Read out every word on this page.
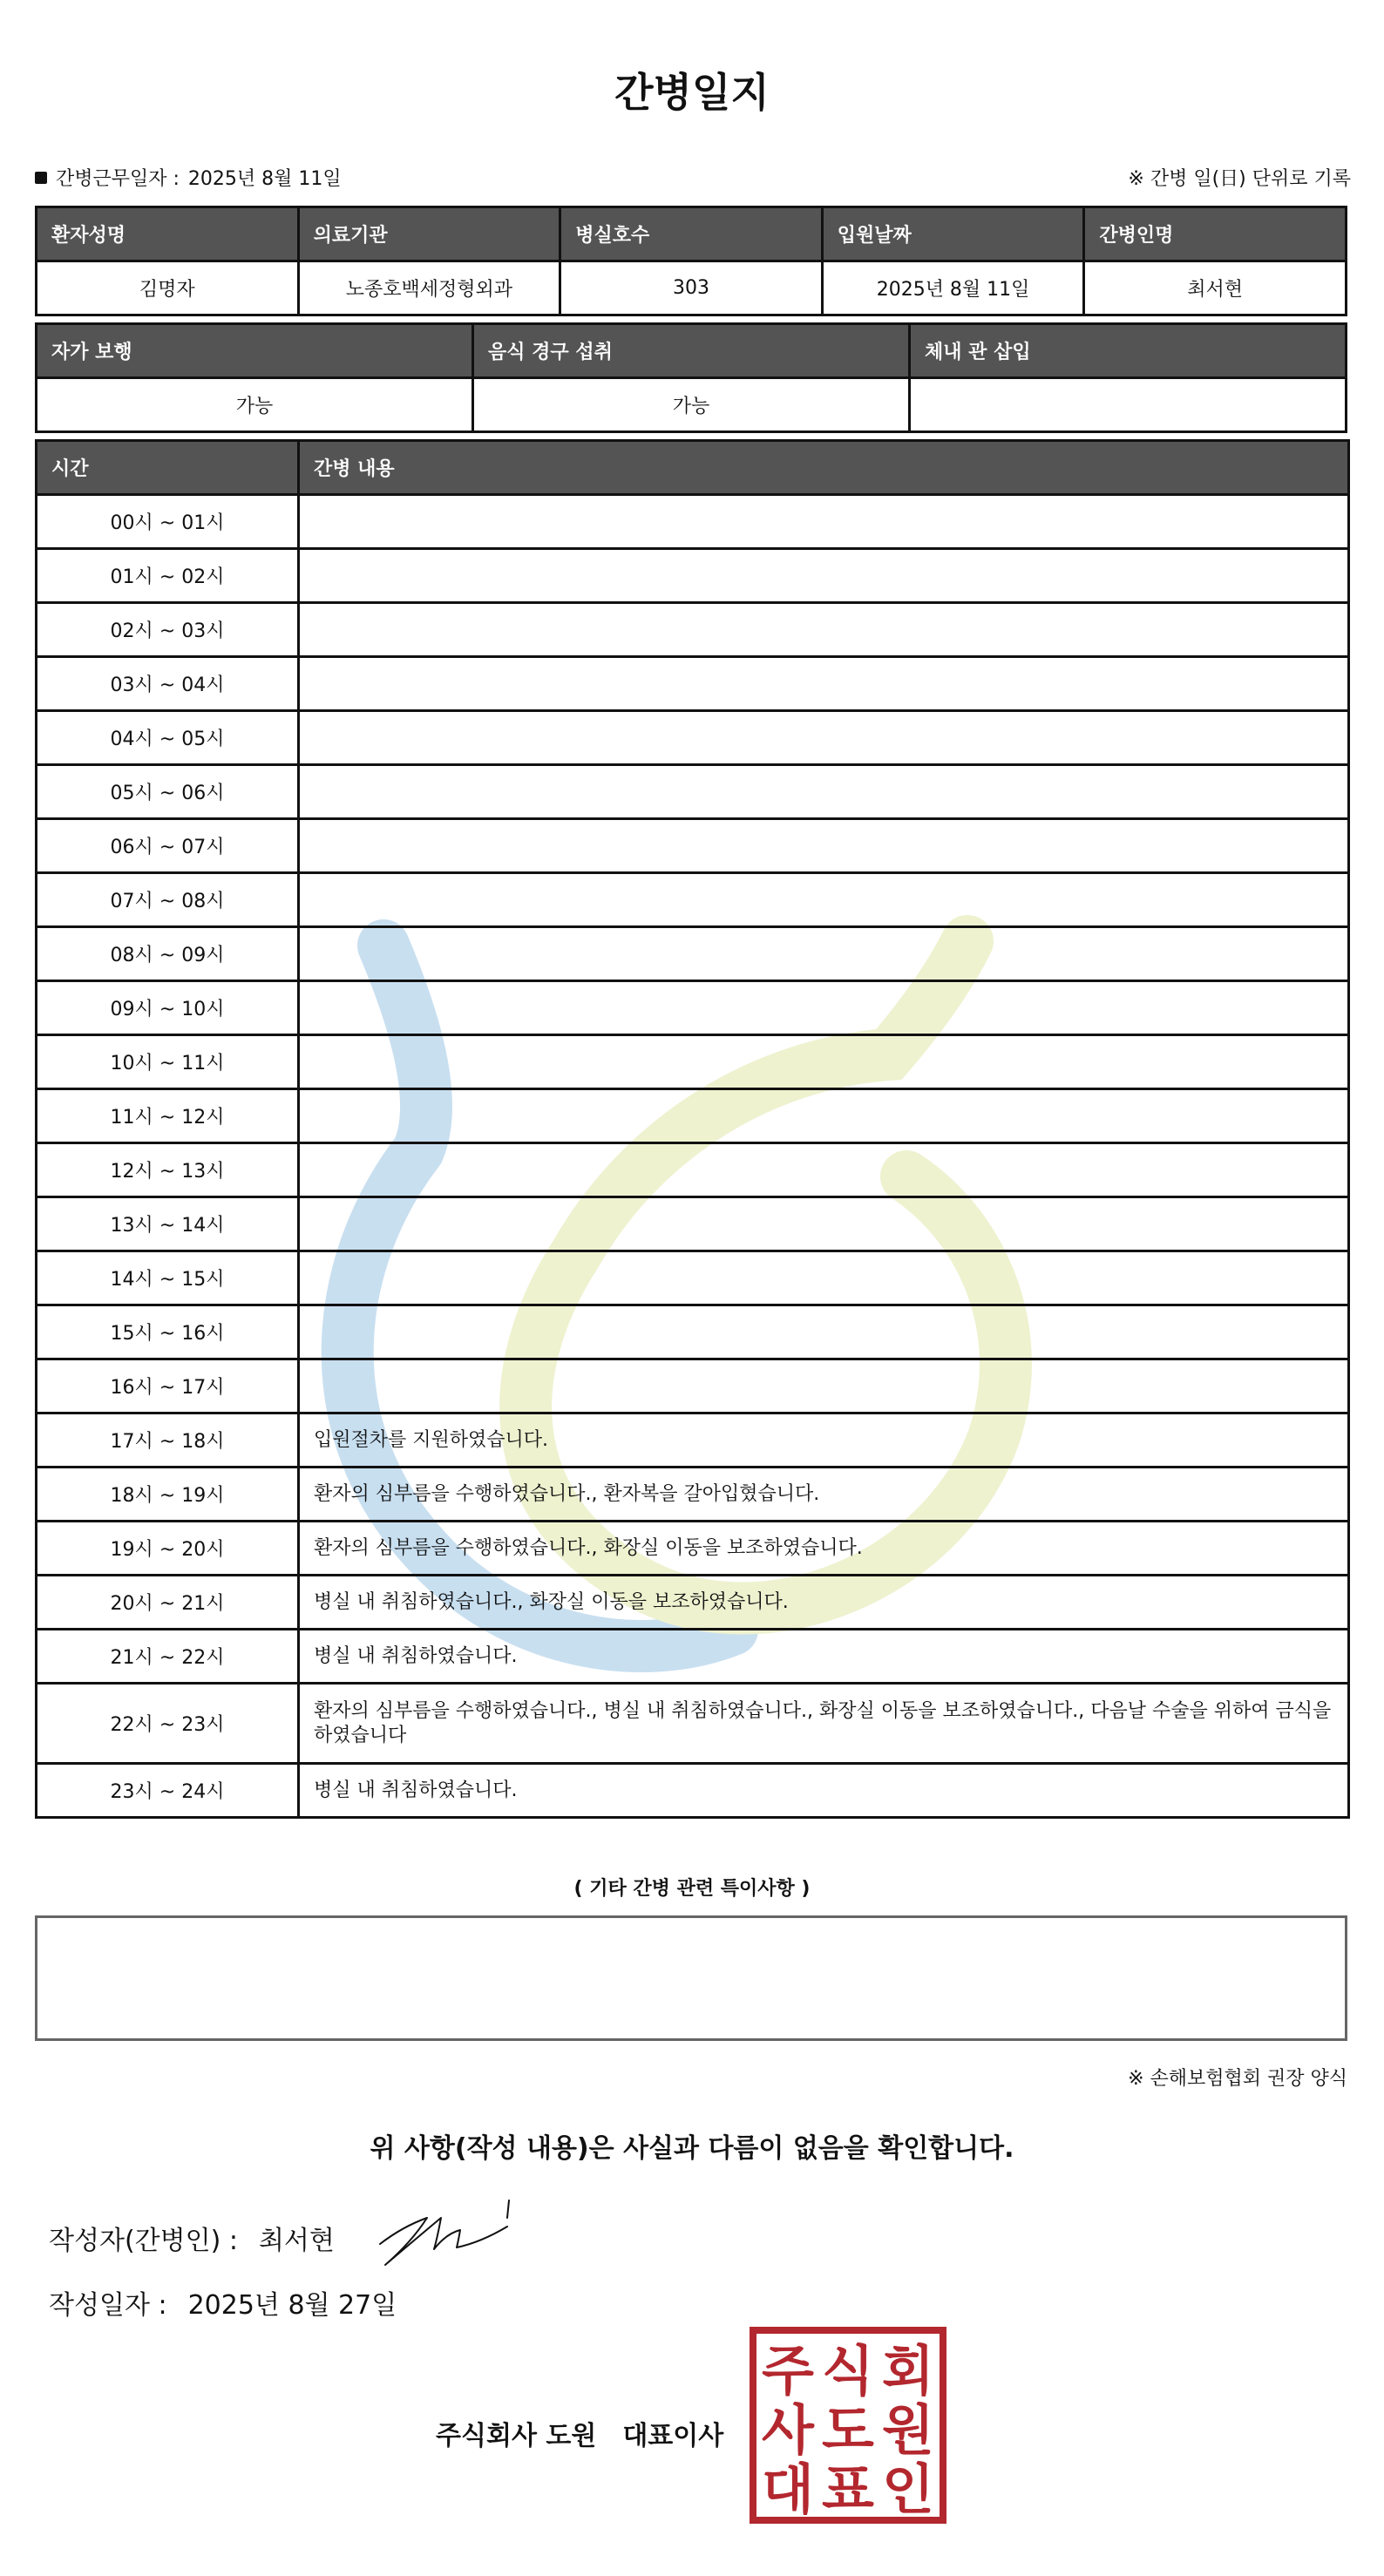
간병일지
간병근무일자 : 2025년 8월 11일	※ 간병 일(日) 단위로 기록
환자성명	의료기관	병실호수	입원날짜	간병인명
김명자	노종호백세정형외과	303	2025년 8월 11일	최서현
자가 보행	음식 경구 섭취	체내 관 삽입
가능	가능	
시간	간병 내용
00시 ~ 01시	
01시 ~ 02시	
02시 ~ 03시	
03시 ~ 04시	
04시 ~ 05시	
05시 ~ 06시	
06시 ~ 07시	
07시 ~ 08시	
08시 ~ 09시	
09시 ~ 10시	
10시 ~ 11시	
11시 ~ 12시	
12시 ~ 13시	
13시 ~ 14시	
14시 ~ 15시	
15시 ~ 16시	
16시 ~ 17시	
17시 ~ 18시	입원절차를 지원하였습니다.
18시 ~ 19시	환자의 심부름을 수행하였습니다., 환자복을 갈아입혔습니다.
19시 ~ 20시	환자의 심부름을 수행하였습니다., 화장실 이동을 보조하였습니다.
20시 ~ 21시	병실 내 취침하였습니다., 화장실 이동을 보조하였습니다.
21시 ~ 22시	병실 내 취침하였습니다.
22시 ~ 23시	환자의 심부름을 수행하였습니다., 병실 내 취침하였습니다., 화장실 이동을 보조하였습니다., 다음날 수술을 위하여 금식을 하였습니다
23시 ~ 24시	병실 내 취침하였습니다.
( 기타 간병 관련 특이사항 )
※ 손해보험협회 권장 양식
위 사항(작성 내용)은 사실과 다름이 없음을 확인합니다.
작성자(간병인) : 최서현
작성일자 : 2025년 8월 27일
주식회사 도원 대표이사
주 식 회
사 도 원
대 표 인
